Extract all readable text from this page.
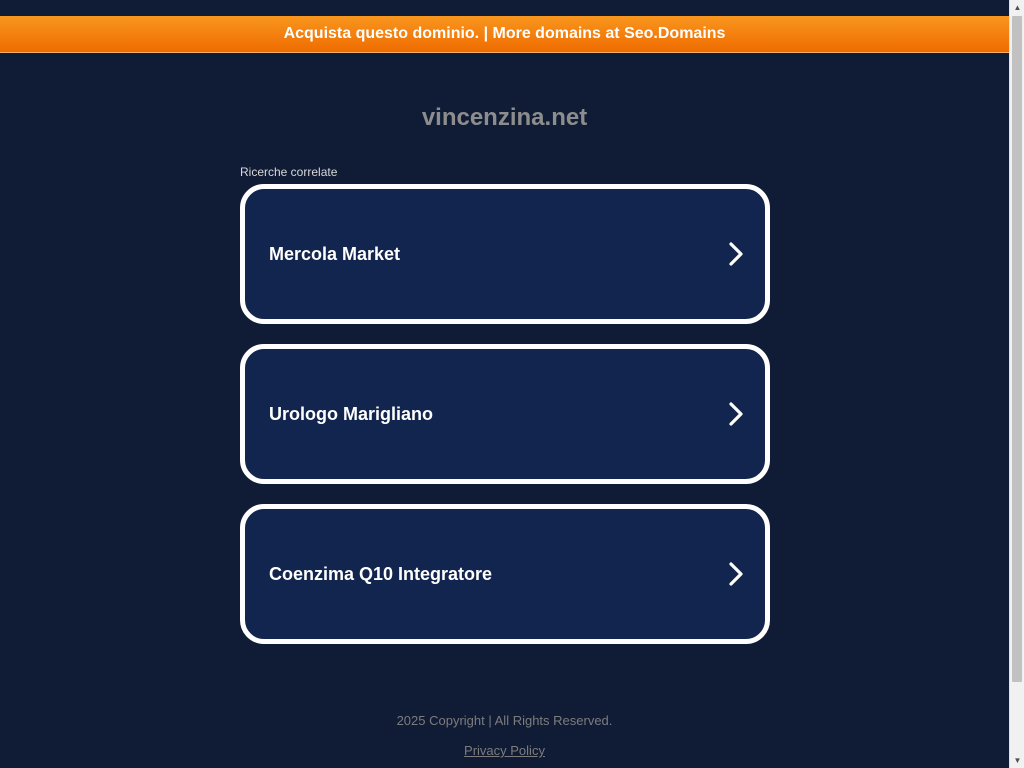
Acquista questo dominio. | More domains at Seo.Domains
vincenzina.net
Ricerche correlate
Mercola Market
Urologo Marigliano
Coenzima Q10 Integratore
2025 Copyright | All Rights Reserved.
Privacy Policy
▲
▼
